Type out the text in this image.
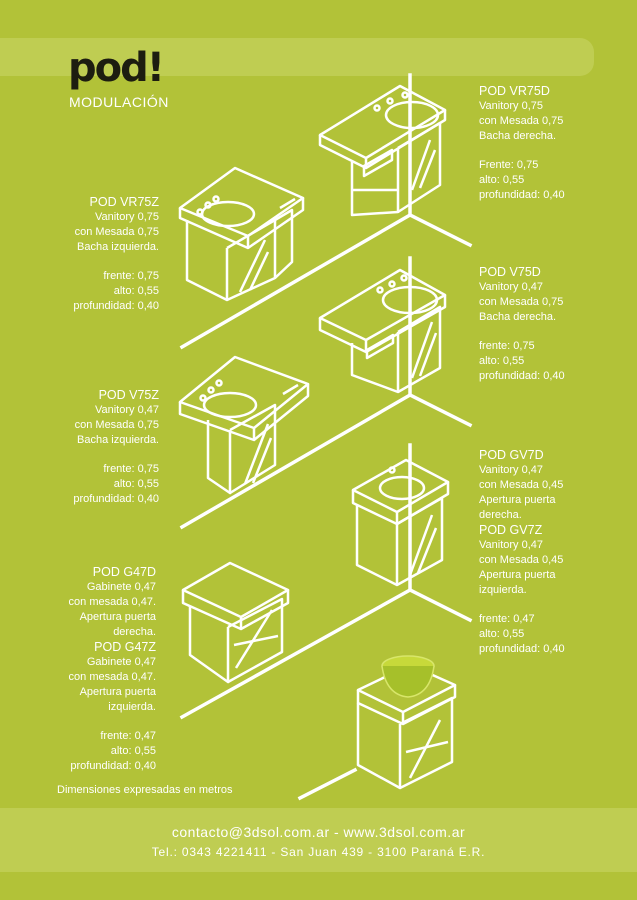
pod!
MODULACIÓN
POD VR75D
Vanitory 0,75
con Mesada 0,75
Bacha derecha.
Frente: 0,75
alto: 0,55
profundidad: 0,40
POD VR75Z
Vanitory 0,75
con Mesada 0,75
Bacha izquierda.
frente: 0,75
alto: 0,55
profundidad: 0,40
POD V75D
Vanitory 0,47
con Mesada 0,75
Bacha derecha.
frente: 0,75
alto: 0,55
profundidad: 0,40
POD V75Z
Vanitory 0,47
con Mesada 0,75
Bacha izquierda.
frente: 0,75
alto: 0,55
profundidad: 0,40
POD GV7D
Vanitory 0,47
con Mesada 0,45
Apertura puerta
derecha.
POD GV7Z
Vanitory 0,47
con Mesada 0,45
Apertura puerta
izquierda.
frente: 0,47
alto: 0,55
profundidad: 0,40
POD G47D
Gabinete 0,47
con mesada 0,47.
Apertura puerta
derecha.
POD G47Z
Gabinete 0,47
con mesada 0,47.
Apertura puerta
izquierda.
frente: 0,47
alto: 0,55
profundidad: 0,40
Dimensiones expresadas en metros
contacto@3dsol.com.ar - www.3dsol.com.ar
Tel.: 0343 4221411 - San Juan 439 - 3100 Paraná E.R.
